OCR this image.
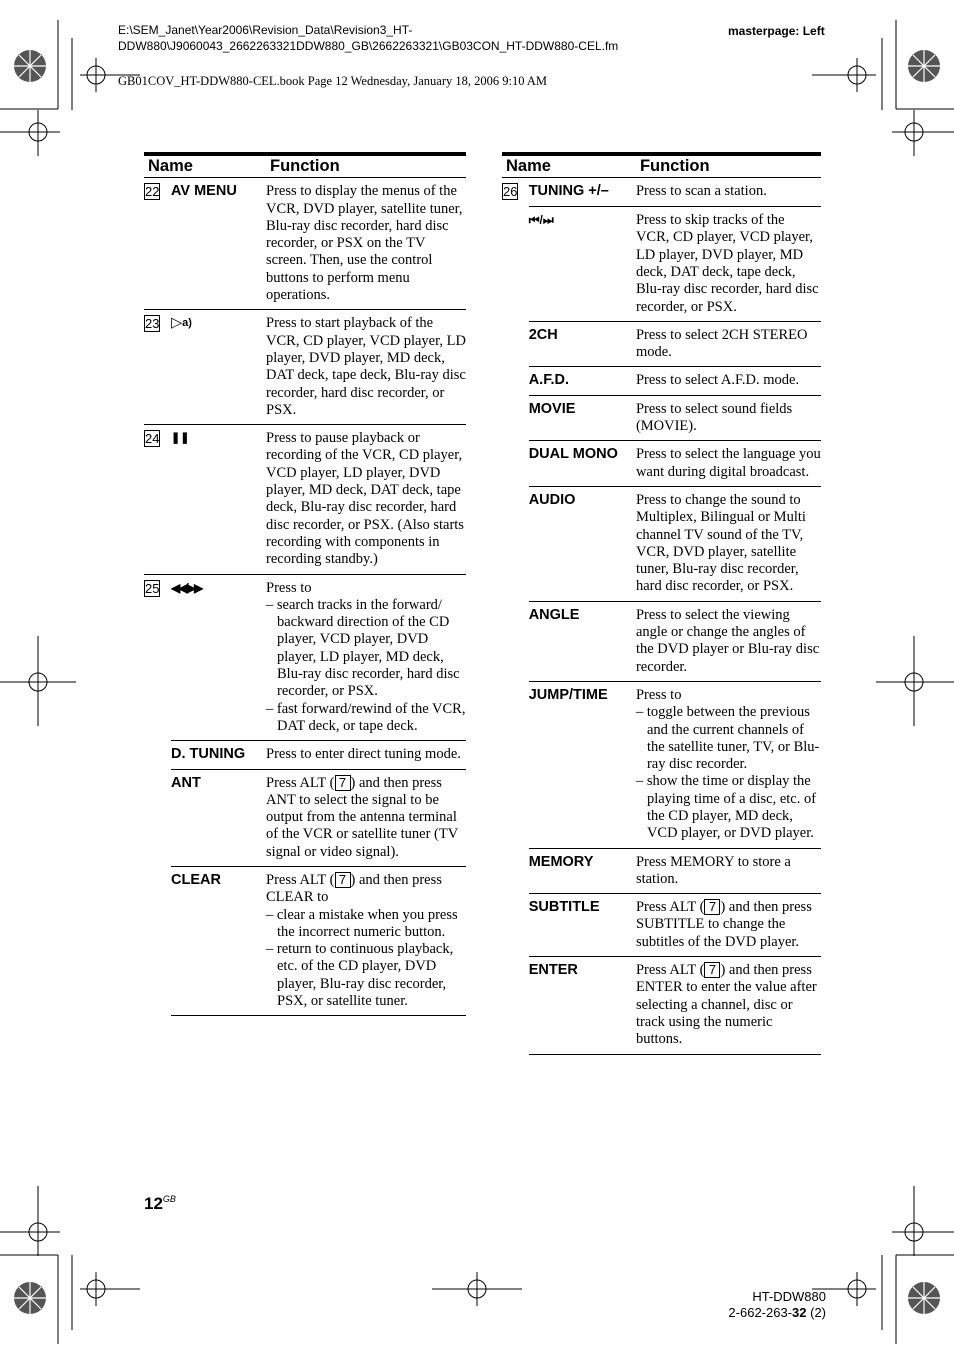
E:\SEM_Janet\Year2006\Revision_Data\Revision3_HT-
DDW880\J9060043_2662263321DDW880_GB\2662263321\GB03CON_HT-DDW880-CEL.fm
masterpage: Left
GB01COV_HT-DDW880-CEL.book Page 12 Wednesday, January 18, 2006 9:10 AM
Name		Function
22	AV MENU	Press to display the menus of the VCR, DVD player, satellite tuner, Blu-ray disc recorder, hard disc recorder, or PSX on the TV screen. Then, use the control buttons to perform menu operations.
23	▷$^{a)}$	Press to start playback of the VCR, CD player, VCD player, LD player, DVD player, MD deck, DAT deck, tape deck, Blu-ray disc recorder, hard disc recorder, or PSX.
24	❚❚	Press to pause playback or recording of the VCR, CD player, VCD player, LD player, DVD player, MD deck, DAT deck, tape deck, Blu-ray disc recorder, hard disc recorder, or PSX. (Also starts recording with components in recording standby.)
25	◀◀/▶▶	Press to
– search tracks in the forward/ backward direction of the CD player, VCD player, DVD player, LD player, MD deck, Blu-ray disc recorder, hard disc recorder, or PSX.
– fast forward/rewind of the VCR, DAT deck, or tape deck.

	D. TUNING	Press to enter direct tuning mode.
	ANT	Press ALT ( 7 ) and then press ANT to select the signal to be output from the antenna terminal of the VCR or satellite tuner (TV signal or video signal).
	CLEAR	Press ALT ( 7 ) and then press CLEAR to
– clear a mistake when you press the incorrect numeric button.
– return to continuous playback, etc. of the CD player, DVD player, Blu-ray disc recorder, PSX, or satellite tuner.
Name		Function
26	TUNING +/–	Press to scan a station.
	⏮/⏭	Press to skip tracks of the VCR, CD player, VCD player, LD player, DVD player, MD deck, DAT deck, tape deck, Blu-ray disc recorder, hard disc recorder, or PSX.
	2CH	Press to select 2CH STEREO mode.
	A.F.D.	Press to select A.F.D. mode.
	MOVIE	Press to select sound fields (MOVIE).
	DUAL MONO	Press to select the language you want during digital broadcast.
	AUDIO	Press to change the sound to Multiplex, Bilingual or Multi channel TV sound of the TV, VCR, DVD player, satellite tuner, Blu-ray disc recorder, hard disc recorder, or PSX.
	ANGLE	Press to select the viewing angle or change the angles of the DVD player or Blu-ray disc recorder.
	JUMP/TIME	Press to
– toggle between the previous and the current channels of the satellite tuner, TV, or Blu-ray disc recorder.
– show the time or display the playing time of a disc, etc. of the CD player, MD deck, VCD player, or DVD player.

	MEMORY	Press MEMORY to store a station.
	SUBTITLE	Press ALT ( 7 ) and then press SUBTITLE to change the subtitles of the DVD player.
	ENTER	Press ALT ( 7 ) and then press ENTER to enter the value after selecting a channel, disc or track using the numeric buttons.
$12^{GB}$
HT-DDW880
2-662-263-32 (2)
